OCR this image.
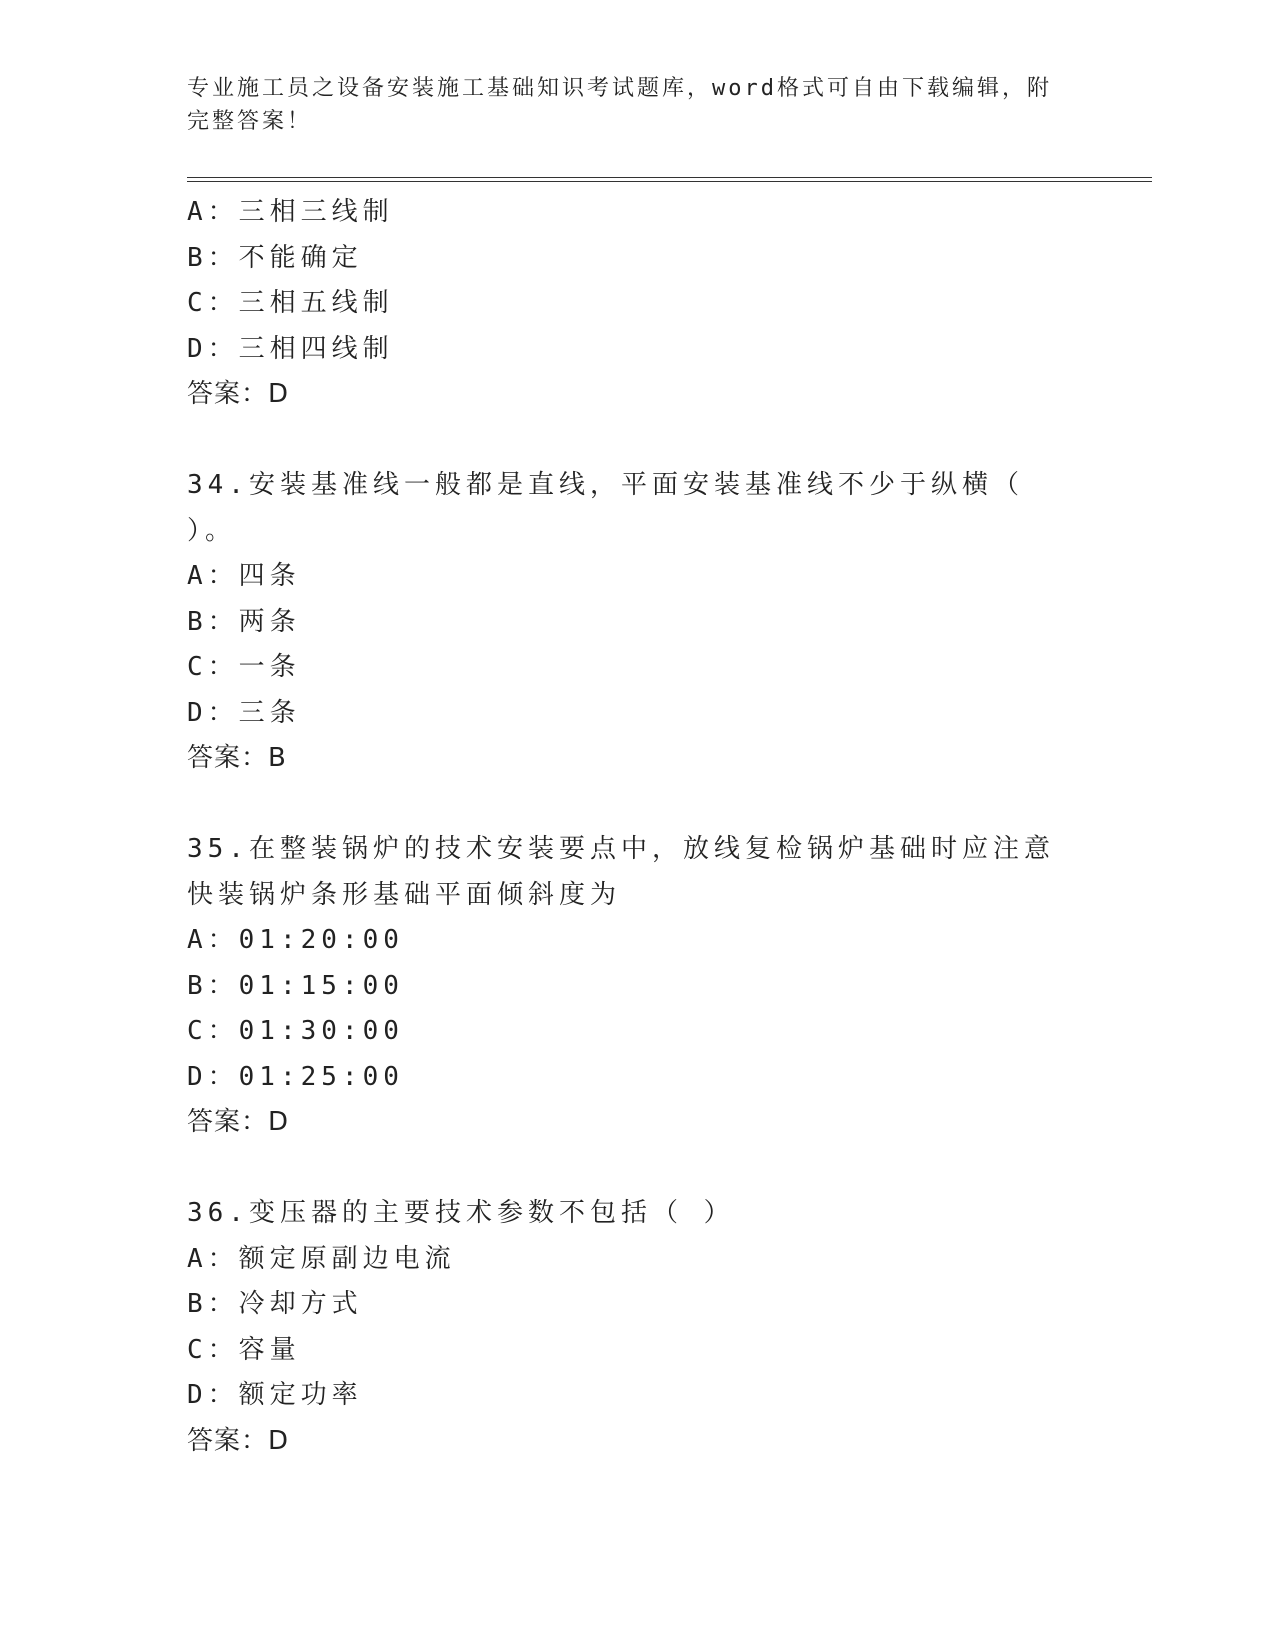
专业施工员之设备安装施工基础知识考试题库，word格式可自由下载编辑，附完整答案！
A：三相三线制
B：不能确定
C：三相五线制
D：三相四线制
答案：D
34.安装基准线一般都是直线，平面安装基准线不少于纵横（ ）。
A：四条
B：两条
C：一条
D：三条
答案：B
35.在整装锅炉的技术安装要点中，放线复检锅炉基础时应注意快装锅炉条形基础平面倾斜度为
A：01:20:00
B：01:15:00
C：01:30:00
D：01:25:00
答案：D
36.变压器的主要技术参数不包括（ ）
A：额定原副边电流
B：冷却方式
C：容量
D：额定功率
答案：D
